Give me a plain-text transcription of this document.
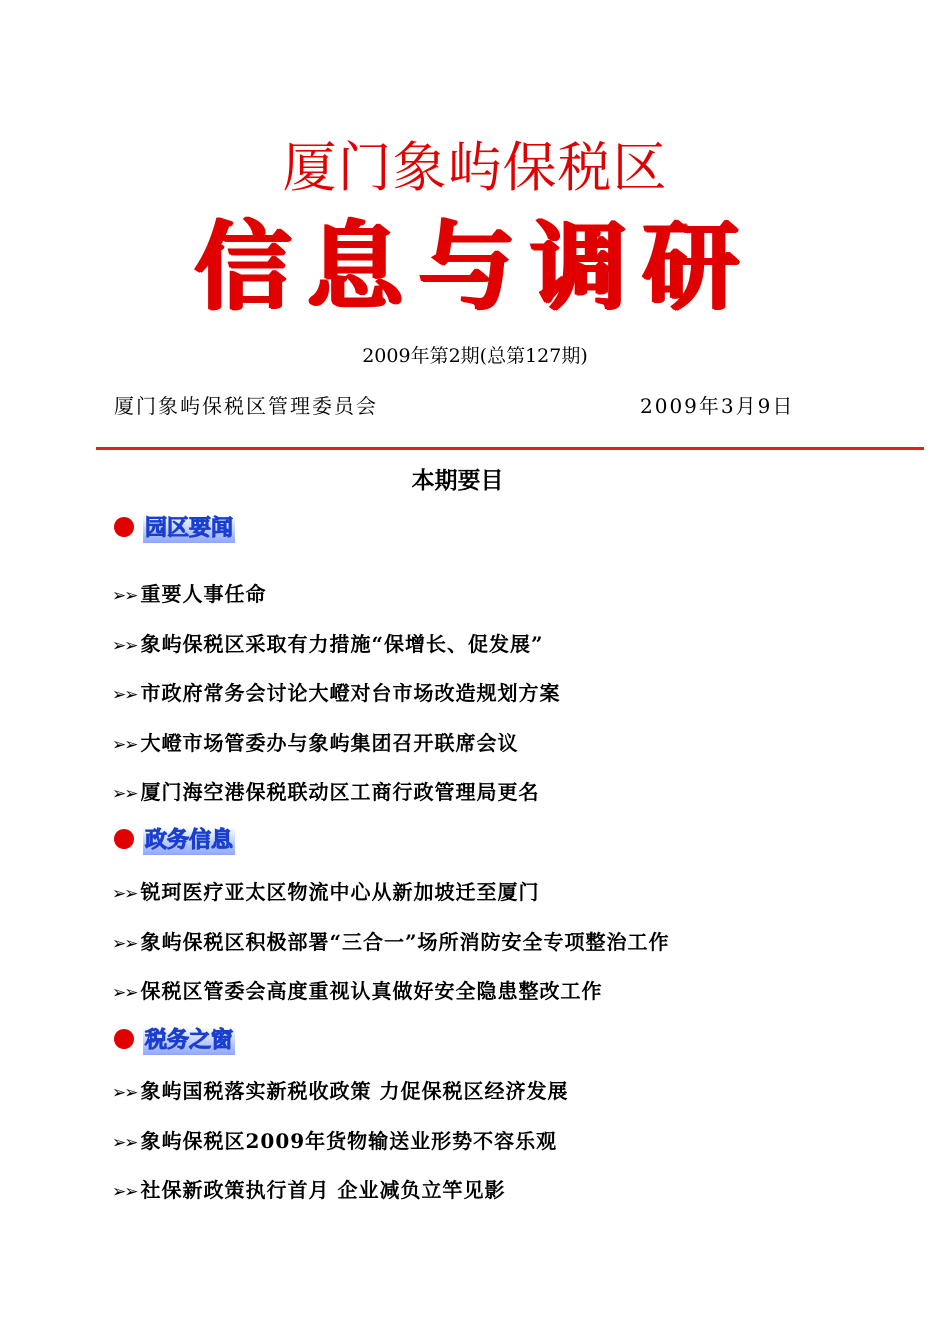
厦门象屿保税区
信息与调研
2009年第2期(总第127期)
厦门象屿保税区管理委员会	2009年3月9日
本期要目
园区要闻
➢➢ 重要人事任命
➢➢ 象屿保税区采取有力措施“保增长、促发展”
➢➢ 市政府常务会讨论大嶝对台市场改造规划方案
➢➢ 大嶝市场管委办与象屿集团召开联席会议
➢➢ 厦门海空港保税联动区工商行政管理局更名
政务信息
➢➢ 锐珂医疗亚太区物流中心从新加坡迁至厦门
➢➢ 象屿保税区积极部署“三合一”场所消防安全专项整治工作
➢➢ 保税区管委会高度重视认真做好安全隐患整改工作
税务之窗
➢➢ 象屿国税落实新税收政策 力促保税区经济发展
➢➢ 象屿保税区2009年货物输送业形势不容乐观
➢➢ 社保新政策执行首月 企业减负立竿见影
